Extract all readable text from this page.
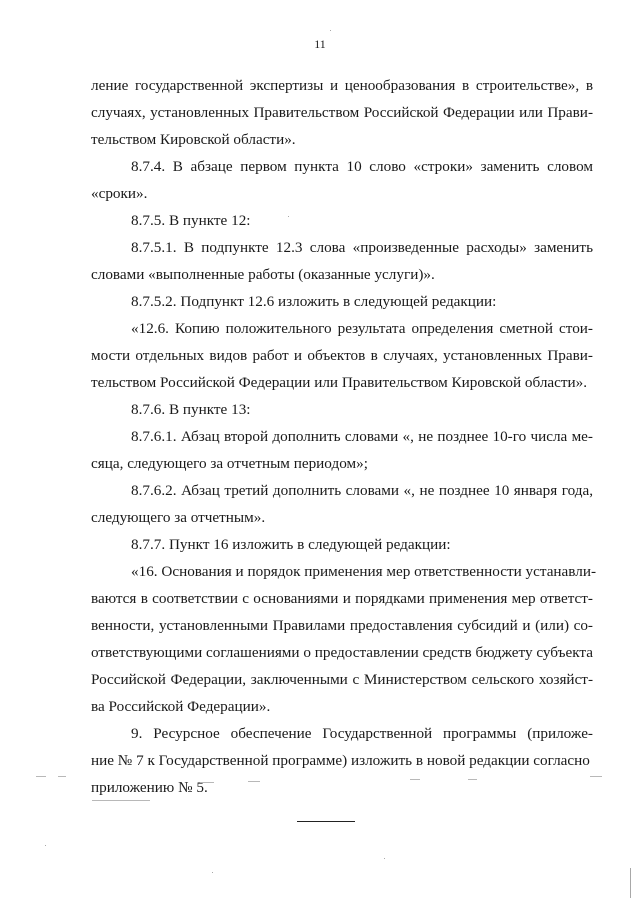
11
ление государственной экспертизы и ценообразования в строительстве», в
случаях, установленных Правительством Российской Федерации или Прави-
тельством Кировской области».
8.7.4. В абзаце первом пункта 10 слово «строки» заменить словом
«сроки».
8.7.5. В пункте 12:
8.7.5.1. В подпункте 12.3 слова «произведенные расходы» заменить
словами «выполненные работы (оказанные услуги)».
8.7.5.2. Подпункт 12.6 изложить в следующей редакции:
«12.6. Копию положительного результата определения сметной стои-
мости отдельных видов работ и объектов в случаях, установленных Прави-
тельством Российской Федерации или Правительством Кировской области».
8.7.6. В пункте 13:
8.7.6.1. Абзац второй дополнить словами «, не позднее 10-го числа ме-
сяца, следующего за отчетным периодом»;
8.7.6.2. Абзац третий дополнить словами «, не позднее 10 января года,
следующего за отчетным».
8.7.7. Пункт 16 изложить в следующей редакции:
«16. Основания и порядок применения мер ответственности устанавли-
ваются в соответствии с основаниями и порядками применения мер ответст-
венности, установленными Правилами предоставления субсидий и (или) со-
ответствующими соглашениями о предоставлении средств бюджету субъекта
Российской Федерации, заключенными с Министерством сельского хозяйст-
ва Российской Федерации».
9. Ресурсное обеспечение Государственной программы (приложе-
ние № 7 к Государственной программе) изложить в новой редакции согласно
приложению № 5.
